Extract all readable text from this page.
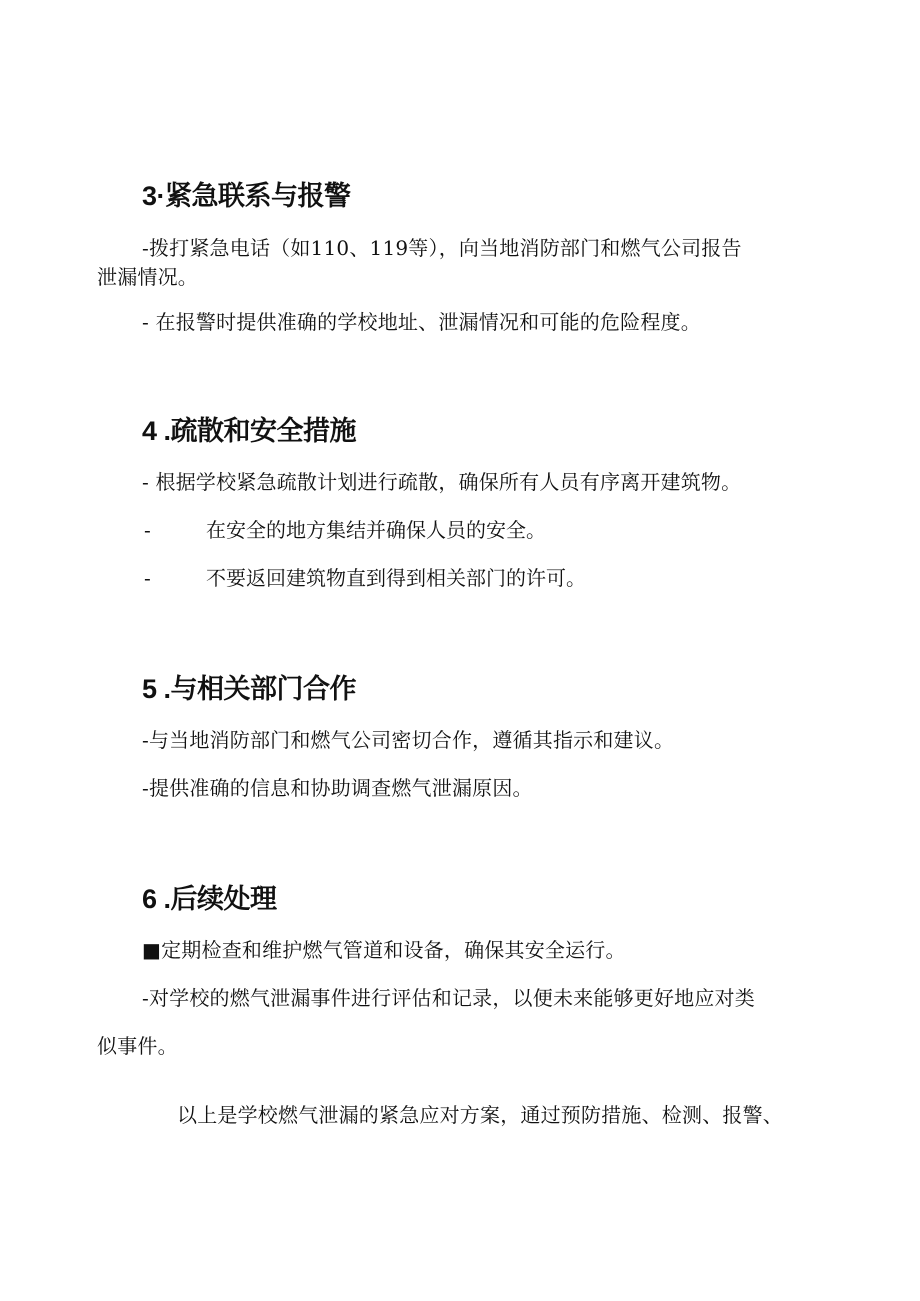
3·紧急联系与报警

-拨打紧急电话（如110、119等），向当地消防部门和燃气公司报告

泄漏情况。

- 在报警时提供准确的学校地址、泄漏情况和可能的危险程度。

4 .疏散和安全措施

- 根据学校紧急疏散计划进行疏散，确保所有人员有序离开建筑物。

-	在安全的地方集结并确保人员的安全。

-	不要返回建筑物直到得到相关部门的许可。

5 .与相关部门合作

-与当地消防部门和燃气公司密切合作，遵循其指示和建议。

-提供准确的信息和协助调查燃气泄漏原因。

6 .后续处理

■定期检查和维护燃气管道和设备，确保其安全运行。

-对学校的燃气泄漏事件进行评估和记录，以便未来能够更好地应对类

似事件。

以上是学校燃气泄漏的紧急应对方案，通过预防措施、检测、报警、
